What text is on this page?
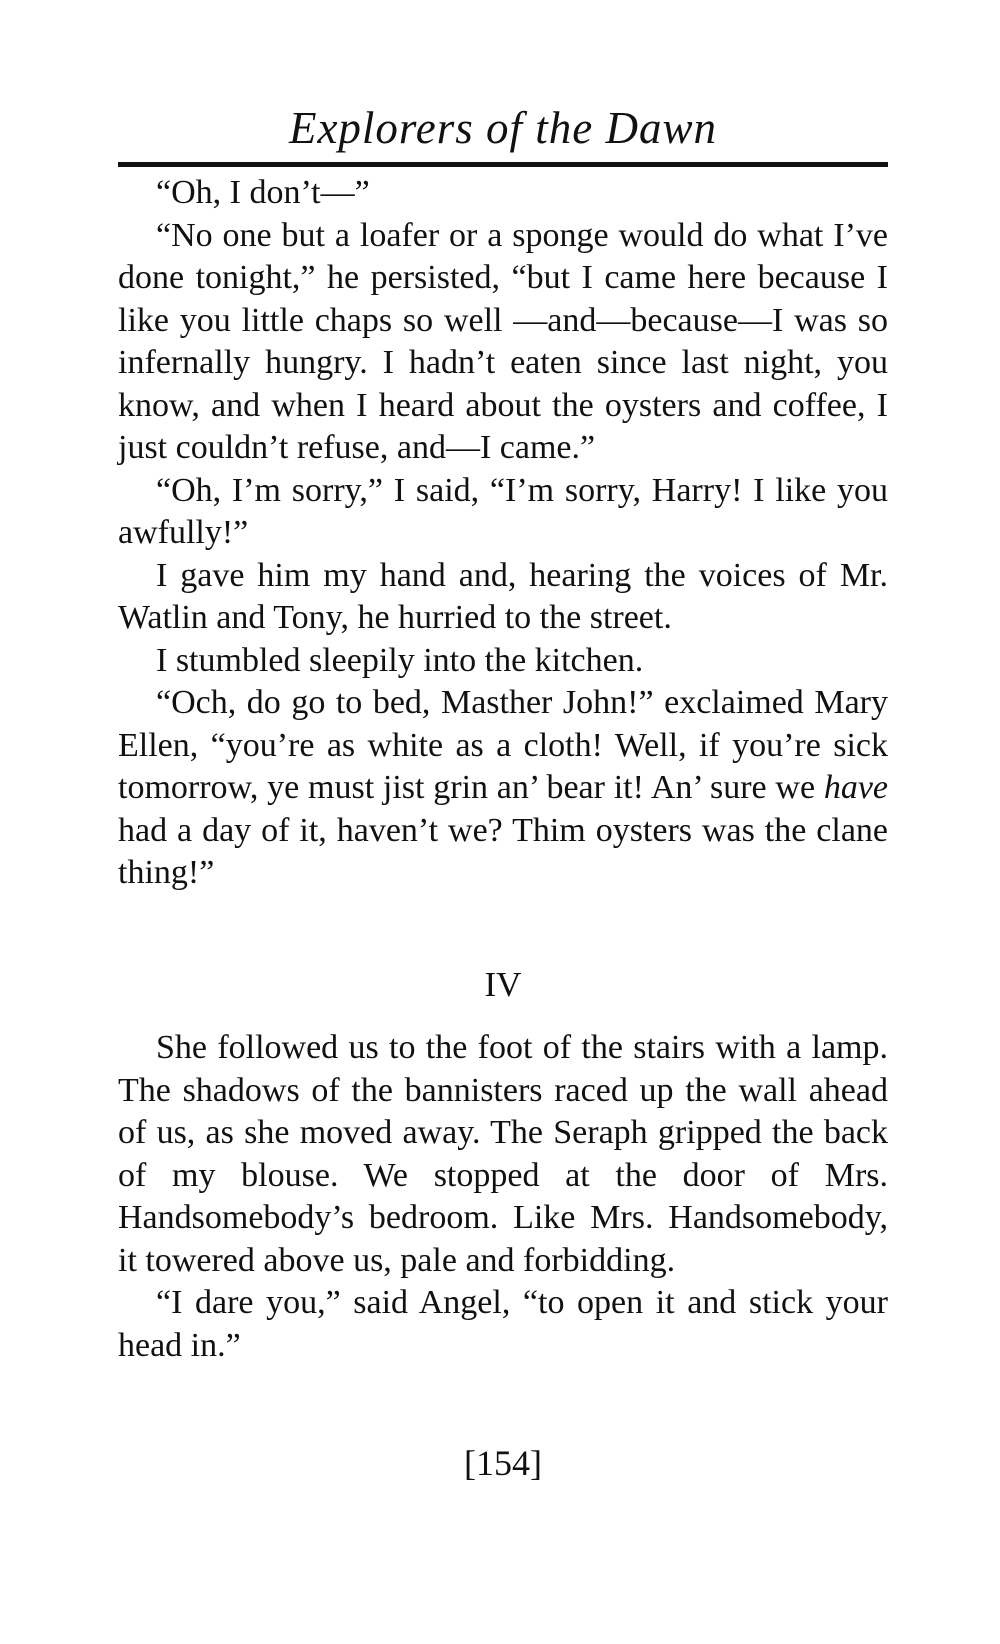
Explorers of the Dawn

“Oh, I don’t—”

“No one but a loafer or a sponge would do what I’ve done tonight,” he persisted, “but I came here because I like you little chaps so well —and—because—I was so infernally hungry. I hadn’t eaten since last night, you know, and when I heard about the oysters and coffee, I just couldn’t refuse, and—I came.”

“Oh, I’m sorry,” I said, “I’m sorry, Harry! I like you awfully!”

I gave him my hand and, hearing the voices of Mr. Watlin and Tony, he hurried to the street.

I stumbled sleepily into the kitchen.

“Och, do go to bed, Masther John!” exclaimed Mary Ellen, “you’re as white as a cloth! Well, if you’re sick tomorrow, ye must jist grin an’ bear it! An’ sure we have had a day of it, haven’t we? Thim oysters was the clane thing!”

IV

She followed us to the foot of the stairs with a lamp. The shadows of the bannisters raced up the wall ahead of us, as she moved away. The Seraph gripped the back of my blouse. We stopped at the door of Mrs. Handsomebody’s bedroom. Like Mrs. Handsomebody, it towered above us, pale and forbidding.

“I dare you,” said Angel, “to open it and stick your head in.”

[154]
